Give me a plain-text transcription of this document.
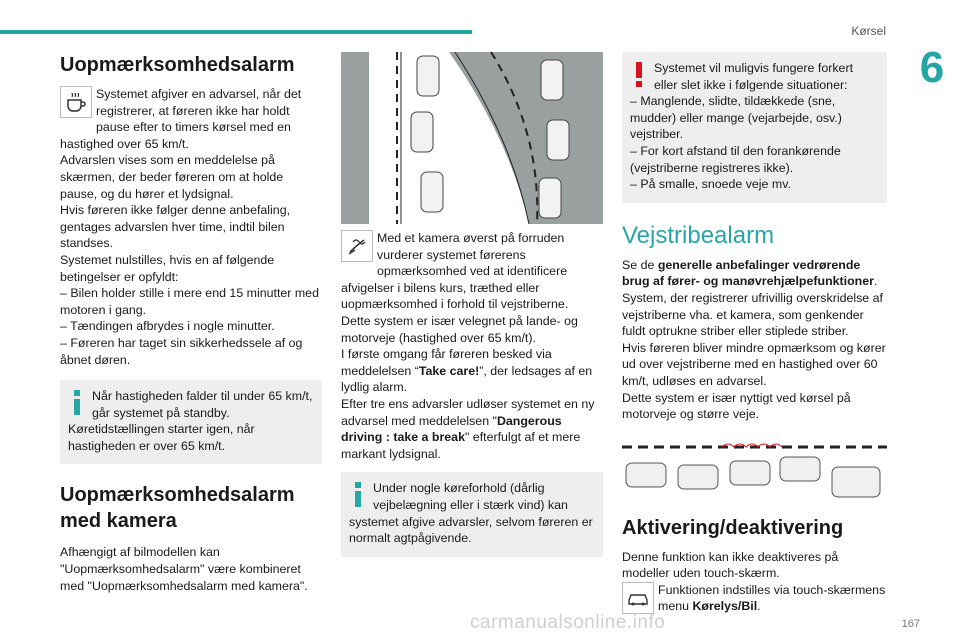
Kørsel
6
Uopmærksomhedsalarm

Systemet afgiver en advarsel, når det registrerer, at føreren ikke har holdt pause efter to timers kørsel med en hastighed over 65 km/t.

Advarslen vises som en meddelelse på skærmen, der beder føreren om at holde pause, og du hører et lydsignal.

Hvis føreren ikke følger denne anbefaling, gentages advarslen hver time, indtil bilen standses.

Systemet nulstilles, hvis en af følgende betingelser er opfyldt:

– Bilen holder stille i mere end 15 minutter med motoren i gang.

– Tændingen afbrydes i nogle minutter.

– Føreren har taget sin sikkerhedssele af og åbnet døren.

Når hastigheden falder til under 65 km/t, går systemet på standby.

Køretidstællingen starter igen, når hastigheden er over 65 km/t.

Uopmærksomhedsalarm med kamera

Afhængigt af bilmodellen kan "Uopmærksomhedsalarm" være kombineret med "Uopmærksomhedsalarm med kamera".

Med et kamera øverst på forruden vurderer systemet førerens opmærksomhed ved at identificere afvigelser i bilens kurs, træthed eller uopmærksomhed i forhold til vejstriberne.

Dette system er især velegnet på lande- og motorveje (hastighed over 65 km/t).

I første omgang får føreren besked via meddelelsen “Take care!”, der ledsages af en lydlig alarm.

Efter tre ens advarsler udløser systemet en ny advarsel med meddelelsen "Dangerous driving : take a break" efterfulgt af et mere markant lydsignal.

Under nogle køreforhold (dårlig vejbelægning eller i stærk vind) kan systemet afgive advarsler, selvom føreren er normalt agtpågivende.

Systemet vil muligvis fungere forkert eller slet ikke i følgende situationer:

– Manglende, slidte, tildækkede (sne, mudder) eller mange (vejarbejde, osv.) vejstriber.

– For kort afstand til den forankørende (vejstriberne registreres ikke).

– På smalle, snoede veje mv.

Vejstribealarm

Se de generelle anbefalinger vedrørende brug af fører- og manøvrehjælpefunktioner.

System, der registrerer ufrivillig overskridelse af vejstriberne vha. et kamera, som genkender fuldt optrukne striber eller stiplede striber.

Hvis føreren bliver mindre opmærksom og kører ud over vejstriberne med en hastighed over 60 km/t, udløses en advarsel.

Dette system er især nyttigt ved kørsel på motorveje og større veje.

Aktivering/deaktivering

Denne funktion kan ikke deaktiveres på modeller uden touch-skærm.

Funktionen indstilles via touch-skærmens menu Kørelys/Bil.

carmanualsonline.info	167
